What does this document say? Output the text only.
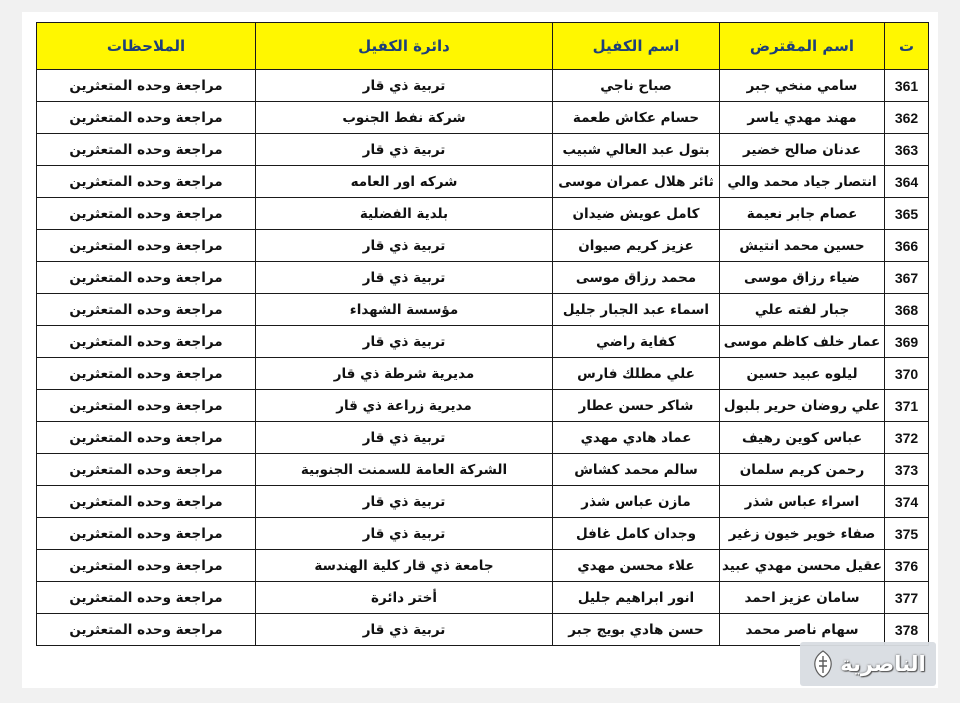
ت	اسم المقترض	اسم الكفيل	دائرة الكفيل	الملاحظات
361	سامي منخي جبر	صباح ناجي	تربية ذي قار	مراجعة وحده المتعثرين
362	مهند مهدي ياسر	حسام عكاش طعمة	شركة نفط الجنوب	مراجعة وحده المتعثرين
363	عدنان صالح خضير	بتول عبد العالي شبيب	تربية ذي قار	مراجعة وحده المتعثرين
364	انتصار جياد محمد والي	ثائر هلال عمران موسى	شركه اور العامه	مراجعة وحده المتعثرين
365	عصام جابر نعيمة	كامل عويش ضيدان	بلدية الفضلية	مراجعة وحده المتعثرين
366	حسين محمد انتيش	عزيز كريم صيوان	تربية ذي قار	مراجعة وحده المتعثرين
367	ضياء رزاق موسى	محمد رزاق موسى	تربية ذي قار	مراجعة وحده المتعثرين
368	جبار لفته علي	اسماء عبد الجبار جليل	مؤسسة الشهداء	مراجعة وحده المتعثرين
369	عمار خلف كاظم موسى	كفاية راضي	تربية ذي قار	مراجعة وحده المتعثرين
370	ليلوه عبيد حسين	علي مطلك فارس	مديرية شرطة ذي قار	مراجعة وحده المتعثرين
371	علي روضان حرير بلبول	شاكر حسن عطار	مديرية زراعة ذي قار	مراجعة وحده المتعثرين
372	عباس كوين رهيف	عماد هادي مهدي	تربية ذي قار	مراجعة وحده المتعثرين
373	رحمن كريم سلمان	سالم محمد كشاش	الشركة العامة للسمنت الجنوبية	مراجعة وحده المتعثرين
374	اسراء عباس شذر	مازن عباس شذر	تربية ذي قار	مراجعة وحده المتعثرين
375	صفاء خوير خيون زغير	وجدان كامل غافل	تربية ذي قار	مراجعة وحده المتعثرين
376	عقيل محسن مهدي عبيد	علاء محسن مهدي	جامعة ذي قار كلية الهندسة	مراجعة وحده المتعثرين
377	سامان عزيز احمد	انور ابراهيم جليل	أختر دائرة	مراجعة وحده المتعثرين
378	سهام ناصر محمد	حسن هادي بويج جبر	تربية ذي قار	مراجعة وحده المتعثرين
الناصرية
